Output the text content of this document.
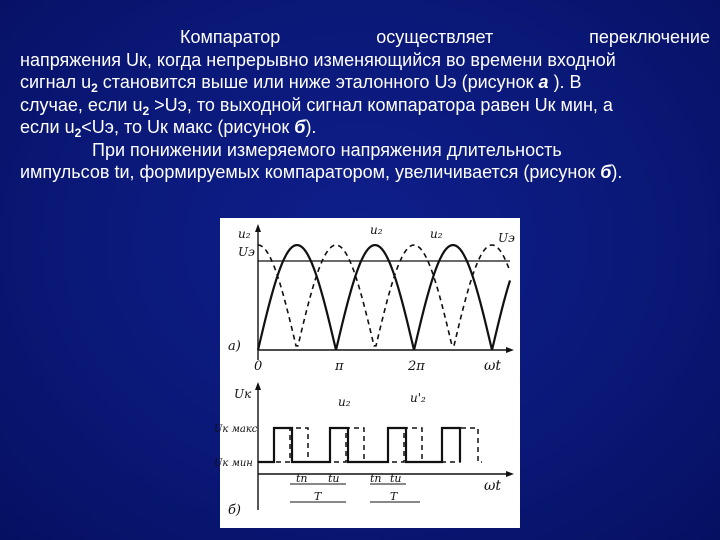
Компаратор	осуществляет	переключение
напряжения Uк, когда непрерывно изменяющийся во времени входной
сигнал $u_2$ становится выше или ниже эталонного Uэ (рисунок а ). В
случае, если $u_2 >Uэ$, то выходной сигнал компаратора равен Uк мин, а
если $u_2<Uэ$, то Uк макс (рисунок б).
При понижении измеряемого напряжения длительность
импульсов tи, формируемых компаратором, увеличивается (рисунок б).
u₂
Uэ
u₂	u₂	Uэ
a)
0	π	2π	ωt
Uк
Uк макс
Uк мин
u₂	u'₂
б)
tп tи	tп tи
T	T
ωt
